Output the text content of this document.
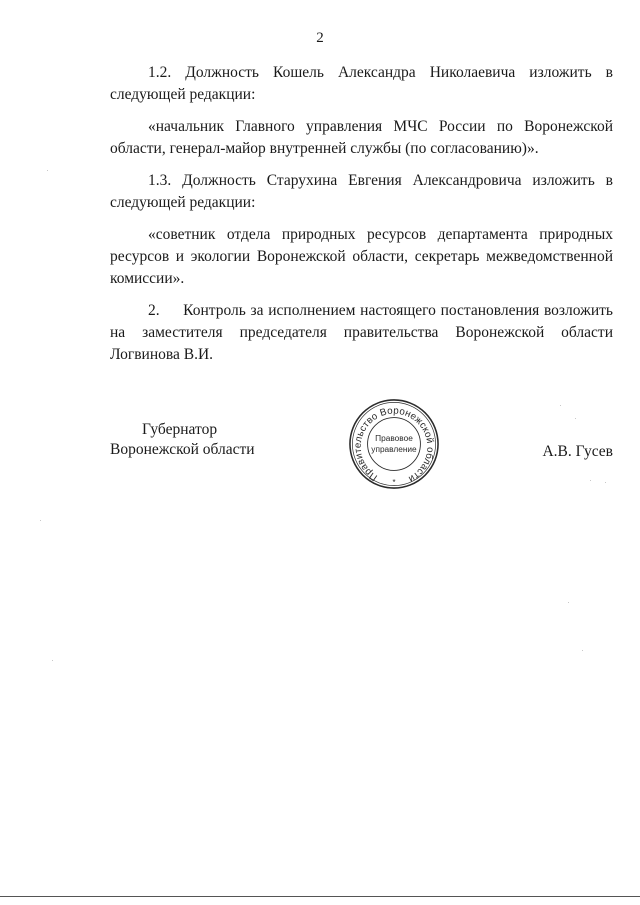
2

1.2. Должность Кошель Александра Николаевича изложить в следующей редакции:

«начальник Главного управления МЧС России по Воронежской области, генерал-майор внутренней службы (по согласованию)».

1.3. Должность Старухина Евгения Александровича изложить в следующей редакции:

«советник отдела природных ресурсов департамента природных ресурсов и экологии Воронежской области, секретарь межведомственной комиссии».

2.     Контроль за исполнением настоящего постановления возложить на заместителя председателя правительства Воронежской области Логвинова В.И.

Губернатор
Воронежской области	А.В. Гусев
Правительство Воронежской области
Правовое
управление
*
